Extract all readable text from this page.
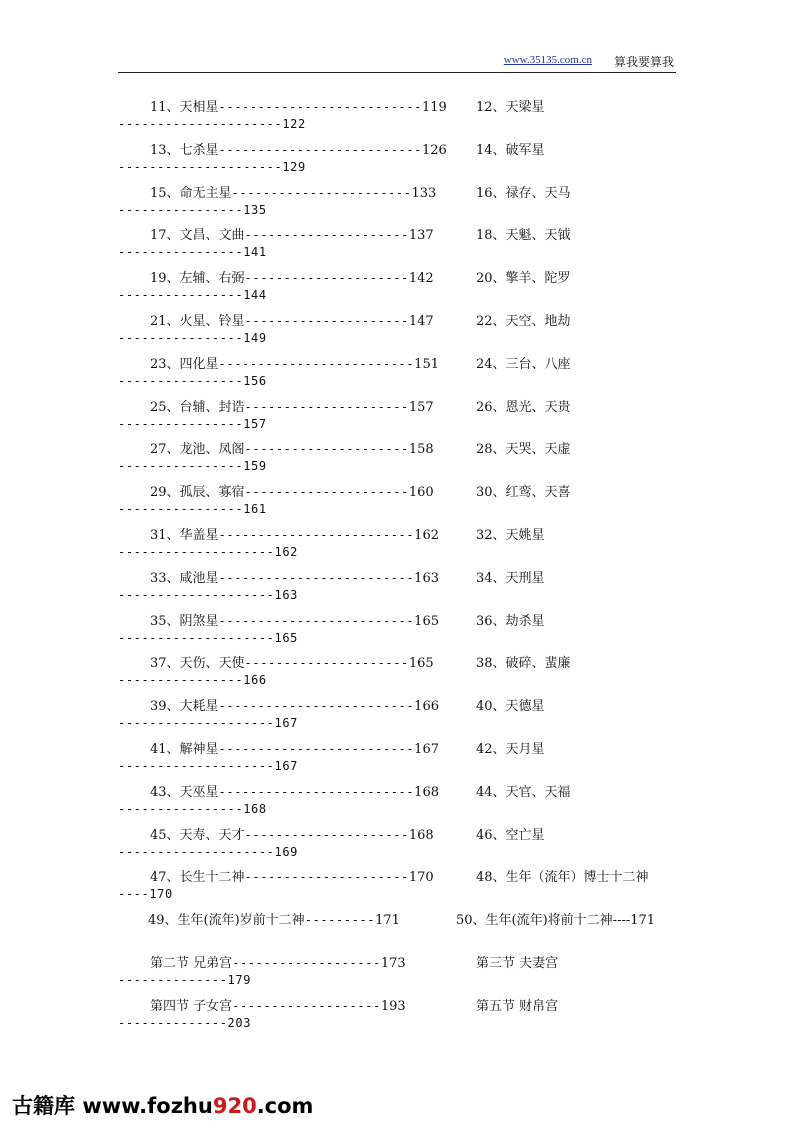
www.35135.com.cn 算我要算我
11、天相星--------------------------119 12、天梁星
---------------------122
13、七杀星--------------------------126 14、破军星
---------------------129
15、命无主星-----------------------133	16、禄存、天马
----------------135
17、文昌、文曲---------------------137	18、天魁、天钺
----------------141
19、左辅、右弼---------------------142	20、擎羊、陀罗
----------------144
21、火星、铃星---------------------147	22、天空、地劫
----------------149
23、四化星-------------------------151	24、三台、八座
----------------156
25、台辅、封诰---------------------157	26、恩光、天贵
----------------157
27、龙池、凤阁---------------------158	28、天哭、天虚
----------------159
29、孤辰、寡宿---------------------160	30、红鸾、天喜
----------------161
31、华盖星-------------------------162	32、天姚星
--------------------162
33、咸池星-------------------------163	34、天刑星
--------------------163
35、阴煞星-------------------------165	36、劫杀星
--------------------165
37、天伤、天使---------------------165	38、破碎、蜚廉
----------------166
39、大耗星-------------------------166	40、天德星
--------------------167
41、解神星-------------------------167	42、天月星
--------------------167
43、天巫星-------------------------168	44、天官、天福
----------------168
45、天寿、天才---------------------168	46、空亡星
--------------------169
47、长生十二神---------------------170	48、生年（流年）博士十二神
----170
49、生年(流年)岁前十二神---------171	50、生年(流年)将前十二神----171
第二节 兄弟宫-------------------173	第三节 夫妻宫
--------------179
第四节 子女宫-------------------193	第五节 财帛宫
--------------203
古籍库 www.fozhu920.com
